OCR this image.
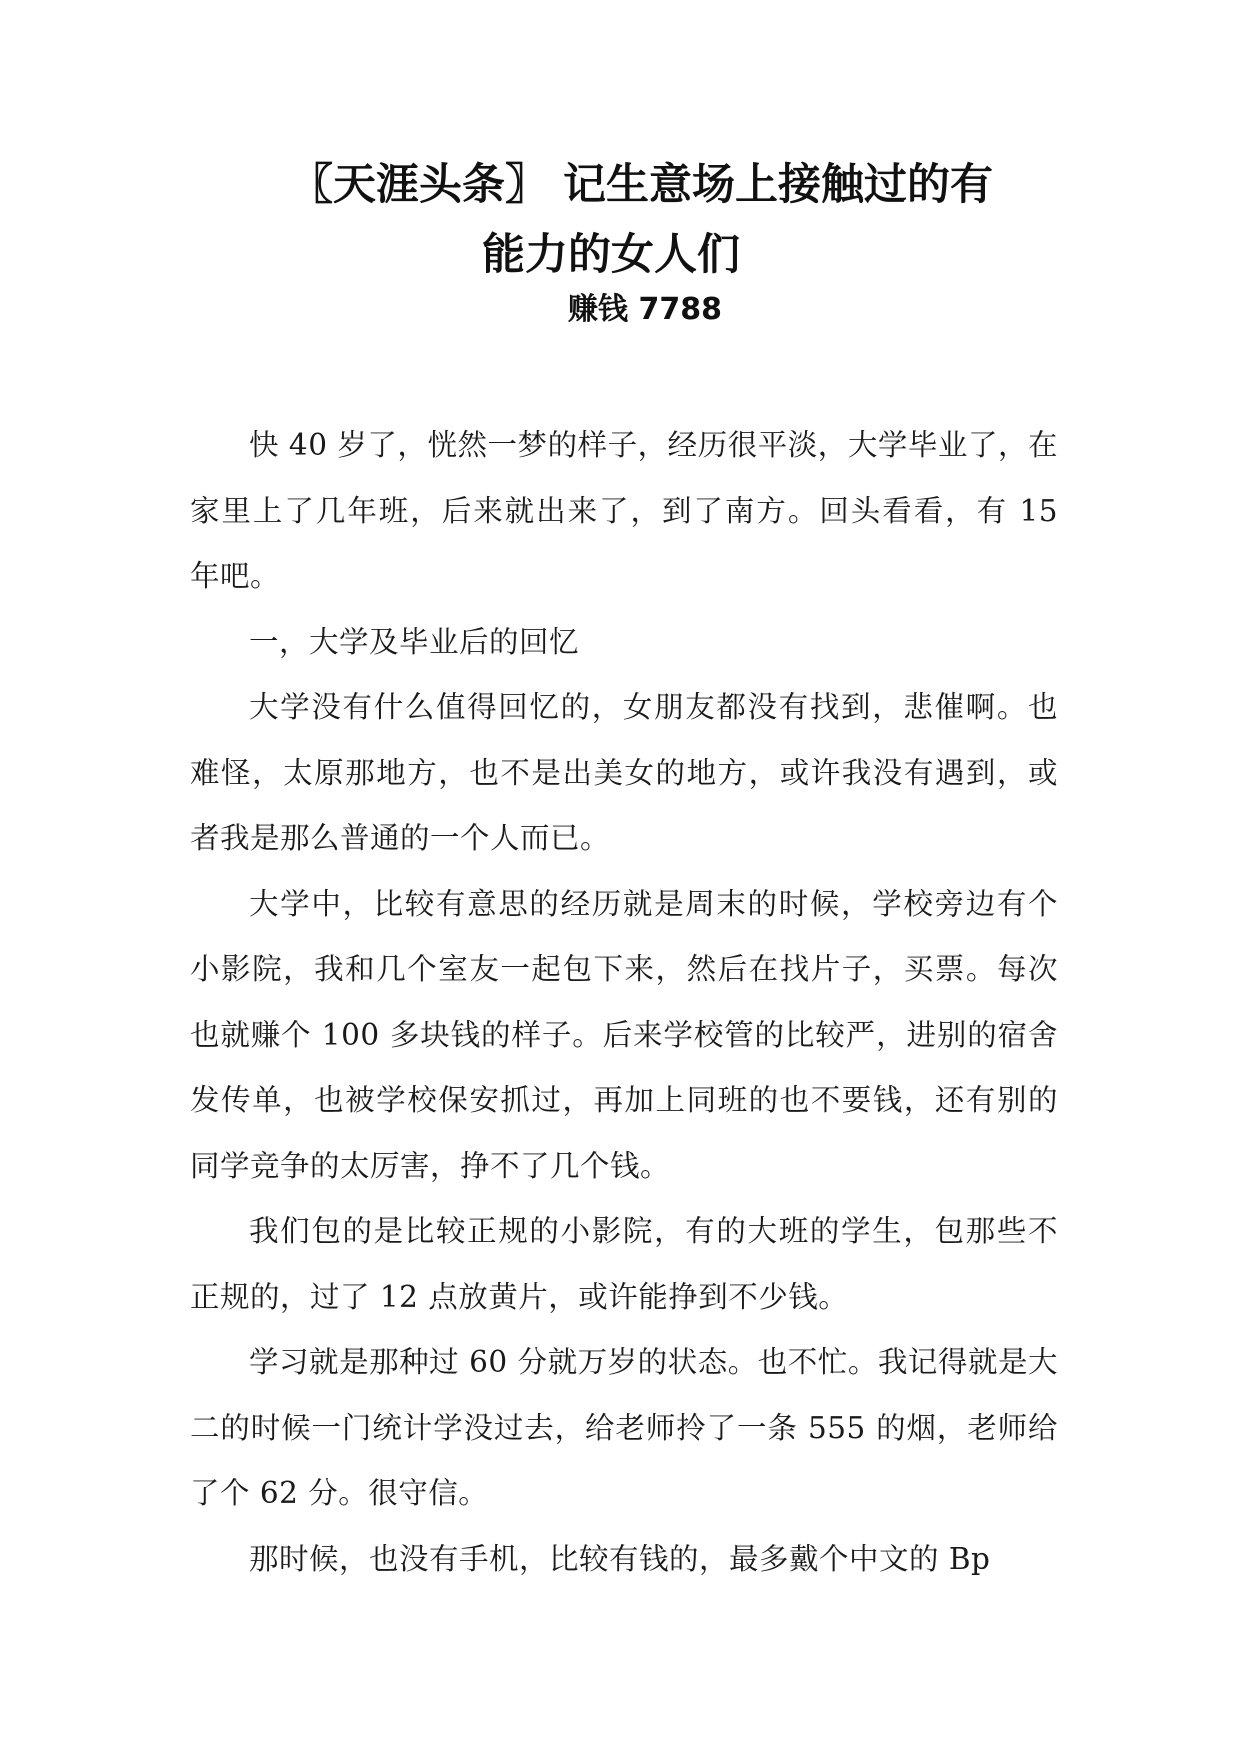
〖天涯头条〗 记生意场上接触过的有
能力的女人们
赚钱 7788

快 40 岁了，恍然一梦的样子，经历很平淡，大学毕业了，在家里上了几年班，后来就出来了，到了南方。回头看看，有 15 年吧。

一，大学及毕业后的回忆

大学没有什么值得回忆的，女朋友都没有找到，悲催啊。也难怪，太原那地方，也不是出美女的地方，或许我没有遇到，或者我是那么普通的一个人而已。

大学中，比较有意思的经历就是周末的时候，学校旁边有个小影院，我和几个室友一起包下来，然后在找片子，买票。每次也就赚个 100 多块钱的样子。后来学校管的比较严，进别的宿舍发传单，也被学校保安抓过，再加上同班的也不要钱，还有别的同学竞争的太厉害，挣不了几个钱。

我们包的是比较正规的小影院，有的大班的学生，包那些不正规的，过了 12 点放黄片，或许能挣到不少钱。

学习就是那种过 60 分就万岁的状态。也不忙。我记得就是大二的时候一门统计学没过去，给老师拎了一条 555 的烟，老师给了个 62 分。很守信。

那时候，也没有手机，比较有钱的，最多戴个中文的 Bp
